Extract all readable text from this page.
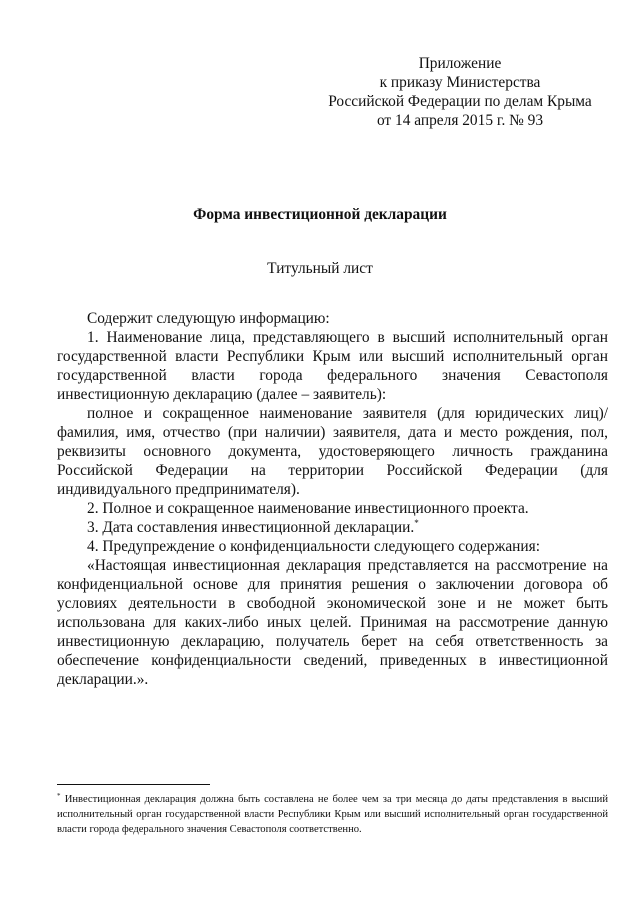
Приложение
к приказу Министерства
Российской Федерации по делам Крыма
от 14 апреля 2015 г. № 93
Форма инвестиционной декларации
Титульный лист

Содержит следующую информацию:

1. Наименование лица, представляющего в высший исполнительный орган государственной власти Республики Крым или высший исполнительный орган государственной власти города федерального значения Севастополя инвестиционную декларацию (далее – заявитель):

полное и сокращенное наименование заявителя (для юридических лиц)/ фамилия, имя, отчество (при наличии) заявителя, дата и место рождения, пол, реквизиты основного документа, удостоверяющего личность гражданина Российской Федерации на территории Российской Федерации (для индивидуального предпринимателя).

2. Полное и сокращенное наименование инвестиционного проекта.

3. Дата составления инвестиционной декларации.*

4. Предупреждение о конфиденциальности следующего содержания:

«Настоящая инвестиционная декларация представляется на рассмотрение на конфиденциальной основе для принятия решения о заключении договора об условиях деятельности в свободной экономической зоне и не может быть использована для каких-либо иных целей. Принимая на рассмотрение данную инвестиционную декларацию, получатель берет на себя ответственность за обеспечение конфиденциальности сведений, приведенных в инвестиционной декларации.».

* Инвестиционная декларация должна быть составлена не более чем за три месяца до даты представления в высший исполнительный орган государственной власти Республики Крым или высший исполнительный орган государственной власти города федерального значения Севастополя соответственно.
